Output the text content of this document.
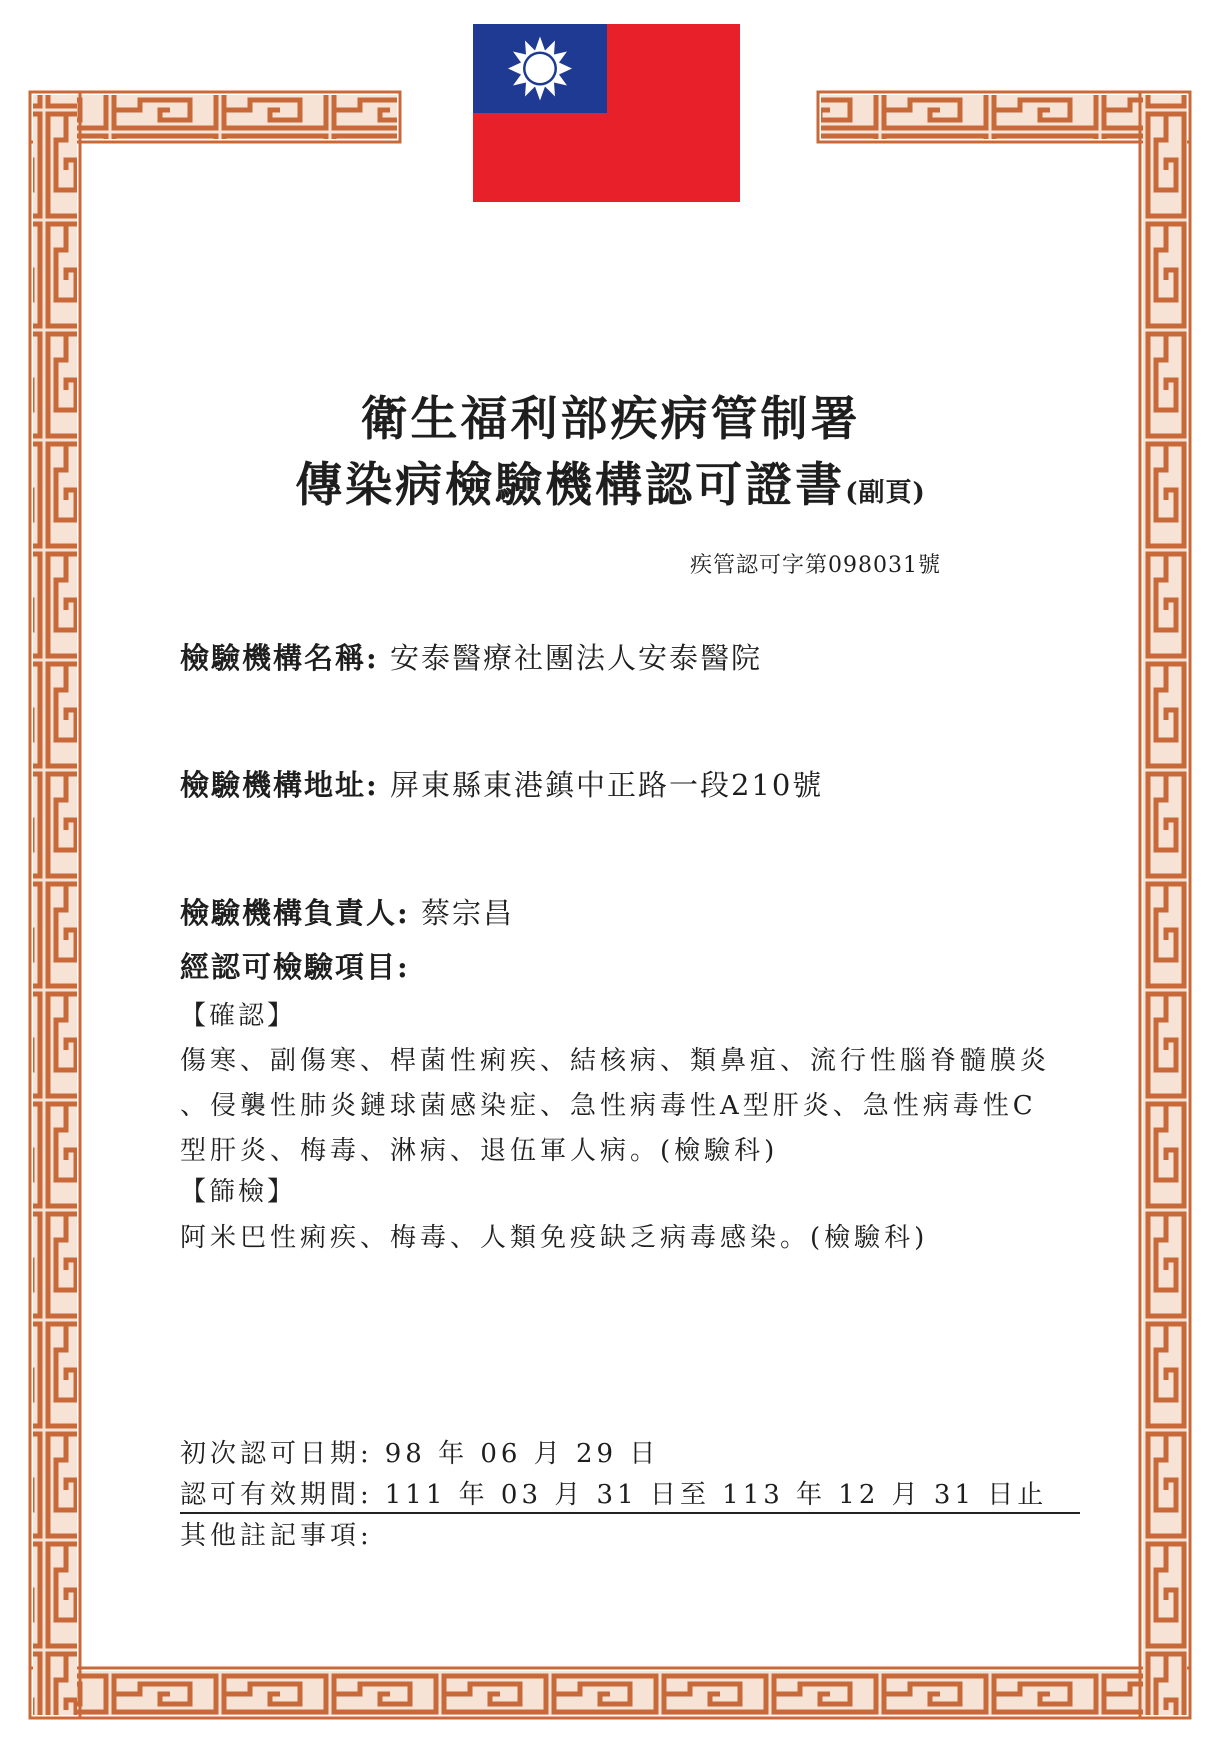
衛生福利部疾病管制署
傳染病檢驗機構認可證書(副頁)
疾管認可字第098031號
檢驗機構名稱: 安泰醫療社團法人安泰醫院
檢驗機構地址: 屏東縣東港鎮中正路一段210號
檢驗機構負責人: 蔡宗昌
經認可檢驗項目:
【確認】
傷寒、副傷寒、桿菌性痢疾、結核病、類鼻疽、流行性腦脊髓膜炎
、侵襲性肺炎鏈球菌感染症、急性病毒性A型肝炎、急性病毒性C
型肝炎、梅毒、淋病、退伍軍人病。(檢驗科)
【篩檢】
阿米巴性痢疾、梅毒、人類免疫缺乏病毒感染。(檢驗科)
初次認可日期: 98 年 06 月 29 日
認可有效期間: 111 年 03 月 31 日至 113 年 12 月 31 日止
其他註記事項:
